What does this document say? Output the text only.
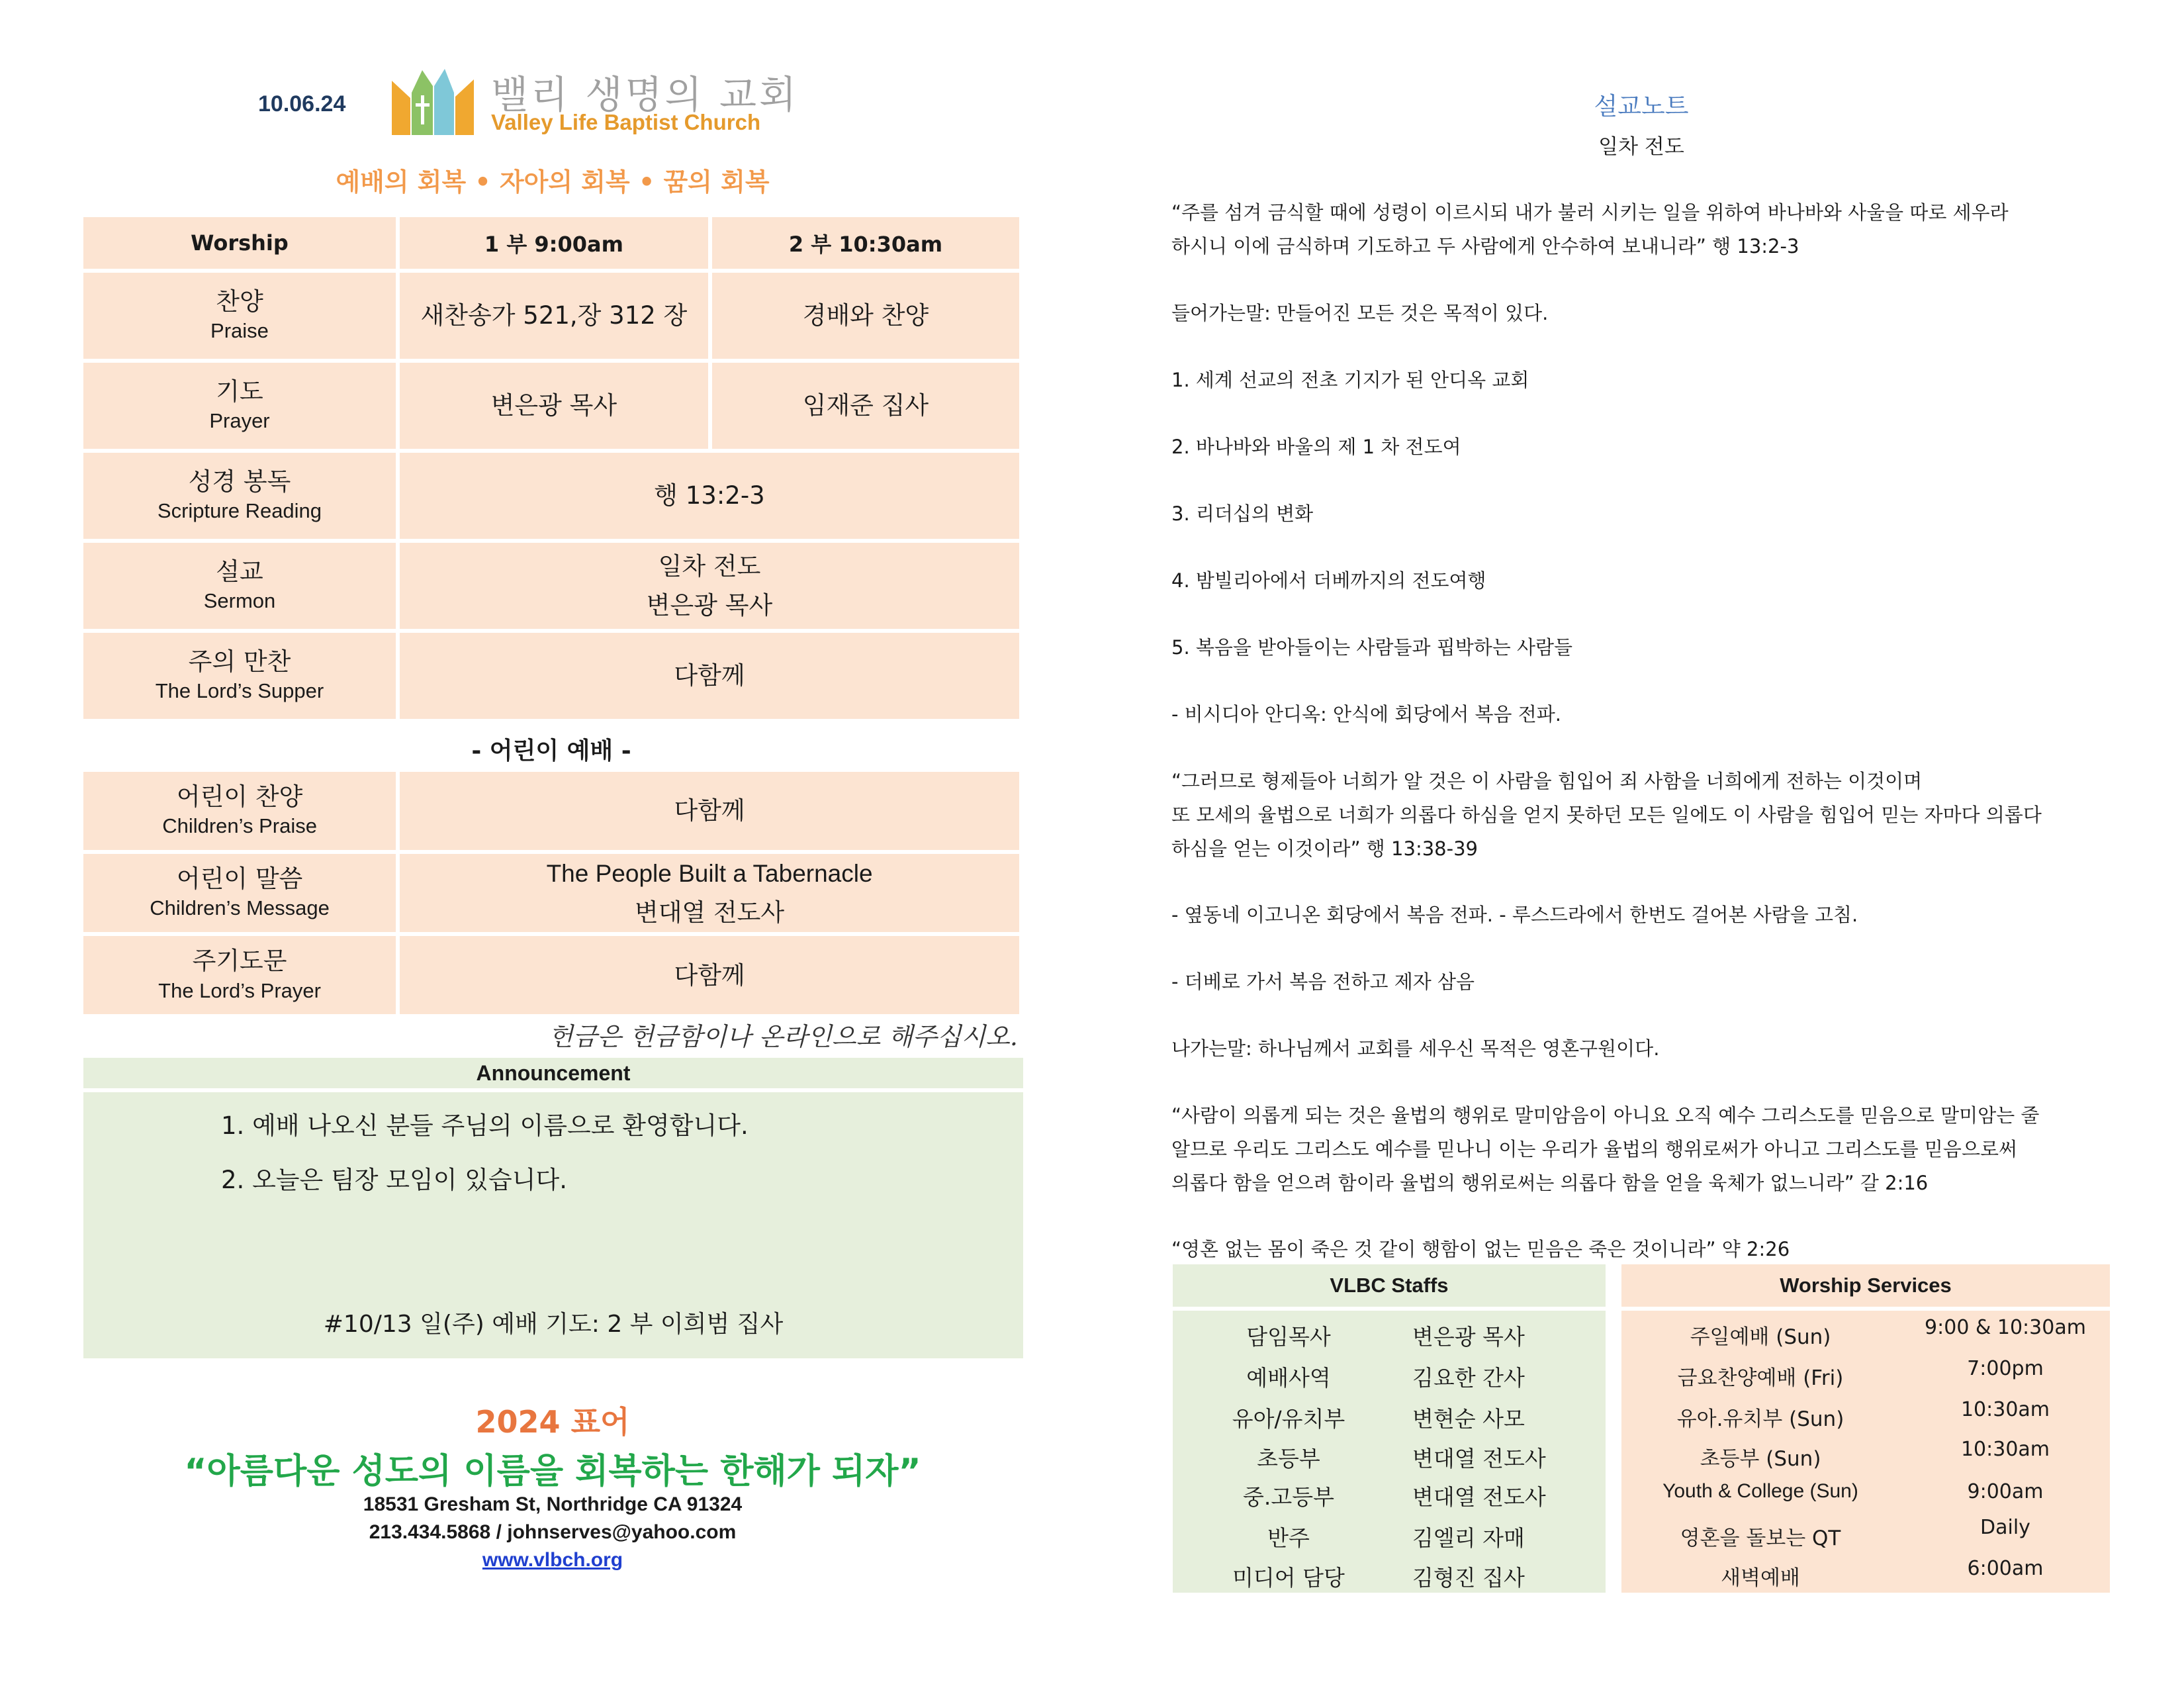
10.06.24	밸리 생명의 교회
Valley Life Baptist Church
예배의 회복 • 자아의 회복 • 꿈의 회복
Worship	1 부 9:00am	2 부 10:30am

찬양
Praise	새찬송가 521,장 312 장	경배와 찬양

기도
Prayer	변은광 목사	임재준 집사

성경 봉독
Scripture Reading	행 13:2-3	

설교
Sermon	일차 전도
변은광 목사	

주의 만찬
The Lord’s Supper	다함께	
- 어린이 예배 -
어린이 찬양
Children’s Praise	다함께

어린이 말씀
Children’s Message	The People Built a Tabernacle
변대열 전도사

주기도문
The Lord’s Prayer	다함께
헌금은 헌금함이나 온라인으로 해주십시오.
Announcement
1. 예배 나오신 분들 주님의 이름으로 환영합니다.
2. 오늘은 팀장 모임이 있습니다.
#10/13 일(주) 예배 기도: 2 부 이희범 집사
2024 표어
“아름다운 성도의 이름을 회복하는 한해가 되자”
18531 Gresham St, Northridge CA 91324
213.434.5868 / johnserves@yahoo.com
www.vlbch.org
설교노트
일차 전도
“주를 섬겨 금식할 때에 성령이 이르시되 내가 불러 시키는 일을 위하여 바나바와 사울을 따로 세우라
하시니 이에 금식하며 기도하고 두 사람에게 안수하여 보내니라” 행 13:2-3
들어가는말: 만들어진 모든 것은 목적이 있다.
1. 세계 선교의 전초 기지가 된 안디옥 교회
2. 바나바와 바울의 제 1 차 전도여
3. 리더십의 변화
4. 밤빌리아에서 더베까지의 전도여행
5. 복음을 받아들이는 사람들과 핍박하는 사람들
- 비시디아 안디옥: 안식에 회당에서 복음 전파.
“그러므로 형제들아 너희가 알 것은 이 사람을 힘입어 죄 사함을 너희에게 전하는 이것이며
또 모세의 율법으로 너희가 의롭다 하심을 얻지 못하던 모든 일에도 이 사람을 힘입어 믿는 자마다 의롭다
하심을 얻는 이것이라” 행 13:38-39
- 옆동네 이고니온 회당에서 복음 전파. - 루스드라에서 한번도 걸어본 사람을 고침.
- 더베로 가서 복음 전하고 제자 삼음
나가는말: 하나님께서 교회를 세우신 목적은 영혼구원이다.
“사람이 의롭게 되는 것은 율법의 행위로 말미암음이 아니요 오직 예수 그리스도를 믿음으로 말미암는 줄
알므로 우리도 그리스도 예수를 믿나니 이는 우리가 율법의 행위로써가 아니고 그리스도를 믿음으로써
의롭다 함을 얻으려 함이라 율법의 행위로써는 의롭다 함을 얻을 육체가 없느니라” 갈 2:16
“영혼 없는 몸이 죽은 것 같이 행함이 없는 믿음은 죽은 것이니라” 약 2:26
VLBC Staffs
담임목사	변은광 목사
예배사역	김요한 간사
유아/유치부	변현순 사모
초등부	변대열 전도사
중.고등부	변대열 전도사
반주	김엘리 자매
미디어 담당	김형진 집사
Worship Services
주일예배 (Sun)	9:00 & 10:30am
금요찬양예배 (Fri)	7:00pm
유아.유치부 (Sun)	10:30am
초등부 (Sun)	10:30am
Youth & College (Sun)	9:00am
영혼을 돌보는 QT	Daily
새벽예배	6:00am
